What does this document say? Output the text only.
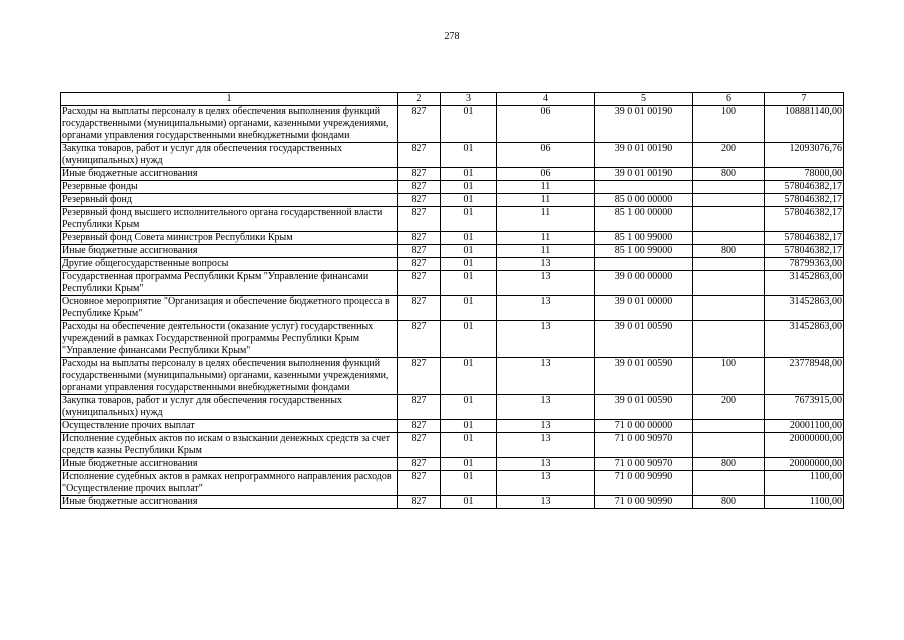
278
1	2	3	4	5	6	7
Расходы на выплаты персоналу в целях обеспечения выполнения функций государственными (муниципальными) органами, казенными учреждениями, органами управления государственными внебюджетными фондами	827	01	06	39 0 01 00190	100	108881140,00
Закупка товаров, работ и услуг для обеспечения государственных (муниципальных) нужд	827	01	06	39 0 01 00190	200	12093076,76
Иные бюджетные ассигнования	827	01	06	39 0 01 00190	800	78000,00
Резервные фонды	827	01	11			578046382,17
Резервный фонд	827	01	11	85 0 00 00000		578046382,17
Резервный фонд высшего исполнительного органа государственной власти Республики Крым	827	01	11	85 1 00 00000		578046382,17
Резервный фонд Совета министров Республики Крым	827	01	11	85 1 00 99000		578046382,17
Иные бюджетные ассигнования	827	01	11	85 1 00 99000	800	578046382,17
Другие общегосударственные вопросы	827	01	13			78799363,00
Государственная программа Республики Крым "Управление финансами Республики Крым"	827	01	13	39 0 00 00000		31452863,00
Основное мероприятие "Организация и обеспечение бюджетного процесса в Республике Крым"	827	01	13	39 0 01 00000		31452863,00
Расходы на обеспечение деятельности (оказание услуг) государственных учреждений в рамках Государственной программы Республики Крым "Управление финансами Республики Крым"	827	01	13	39 0 01 00590		31452863,00
Расходы на выплаты персоналу в целях обеспечения выполнения функций государственными (муниципальными) органами, казенными учреждениями, органами управления государственными внебюджетными фондами	827	01	13	39 0 01 00590	100	23778948,00
Закупка товаров, работ и услуг для обеспечения государственных (муниципальных) нужд	827	01	13	39 0 01 00590	200	7673915,00
Осуществление прочих выплат	827	01	13	71 0 00 00000		20001100,00
Исполнение судебных актов по искам о взыскании денежных средств за счет средств казны Республики Крым	827	01	13	71 0 00 90970		20000000,00
Иные бюджетные ассигнования	827	01	13	71 0 00 90970	800	20000000,00
Исполнение судебных актов в рамках непрограммного направления расходов "Осуществление прочих выплат"	827	01	13	71 0 00 90990		1100,00
Иные бюджетные ассигнования	827	01	13	71 0 00 90990	800	1100,00
